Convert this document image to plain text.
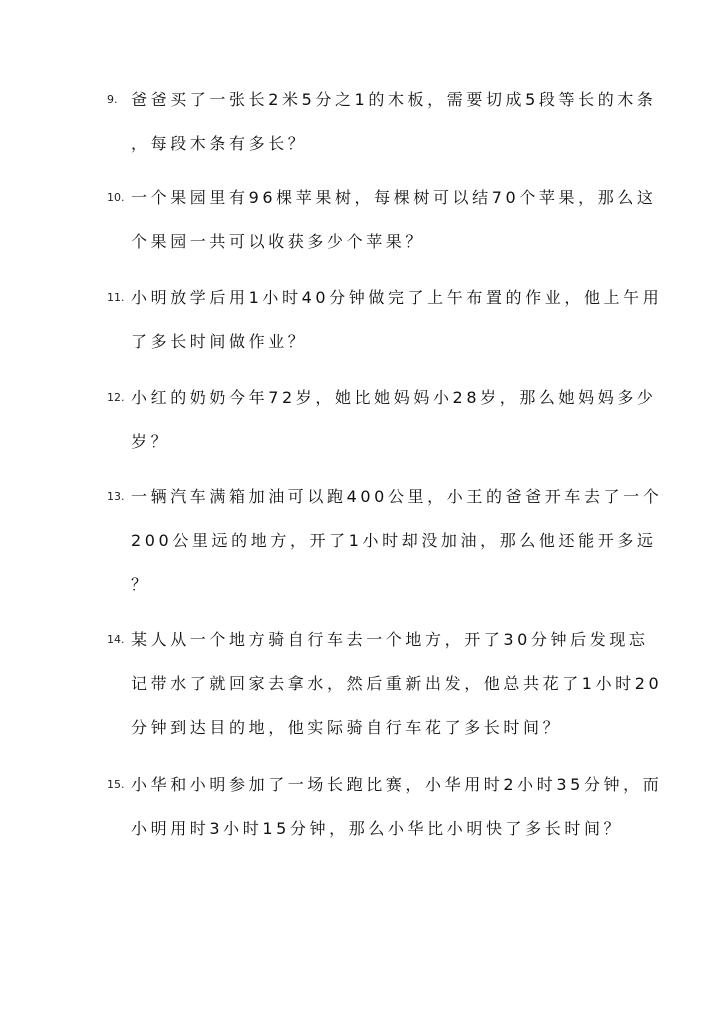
9. 爸爸买了一张长2米5分之1的木板，需要切成5段等长的木条
，每段木条有多长？
10. 一个果园里有96棵苹果树，每棵树可以结70个苹果，那么这
个果园一共可以收获多少个苹果？
11. 小明放学后用1小时40分钟做完了上午布置的作业，他上午用
了多长时间做作业？
12. 小红的奶奶今年72岁，她比她妈妈小28岁，那么她妈妈多少
岁？
13. 一辆汽车满箱加油可以跑400公里，小王的爸爸开车去了一个
200公里远的地方，开了1小时却没加油，那么他还能开多远
？
14. 某人从一个地方骑自行车去一个地方，开了30分钟后发现忘
记带水了就回家去拿水，然后重新出发，他总共花了1小时20
分钟到达目的地，他实际骑自行车花了多长时间？
15. 小华和小明参加了一场长跑比赛，小华用时2小时35分钟，而
小明用时3小时15分钟，那么小华比小明快了多长时间？
